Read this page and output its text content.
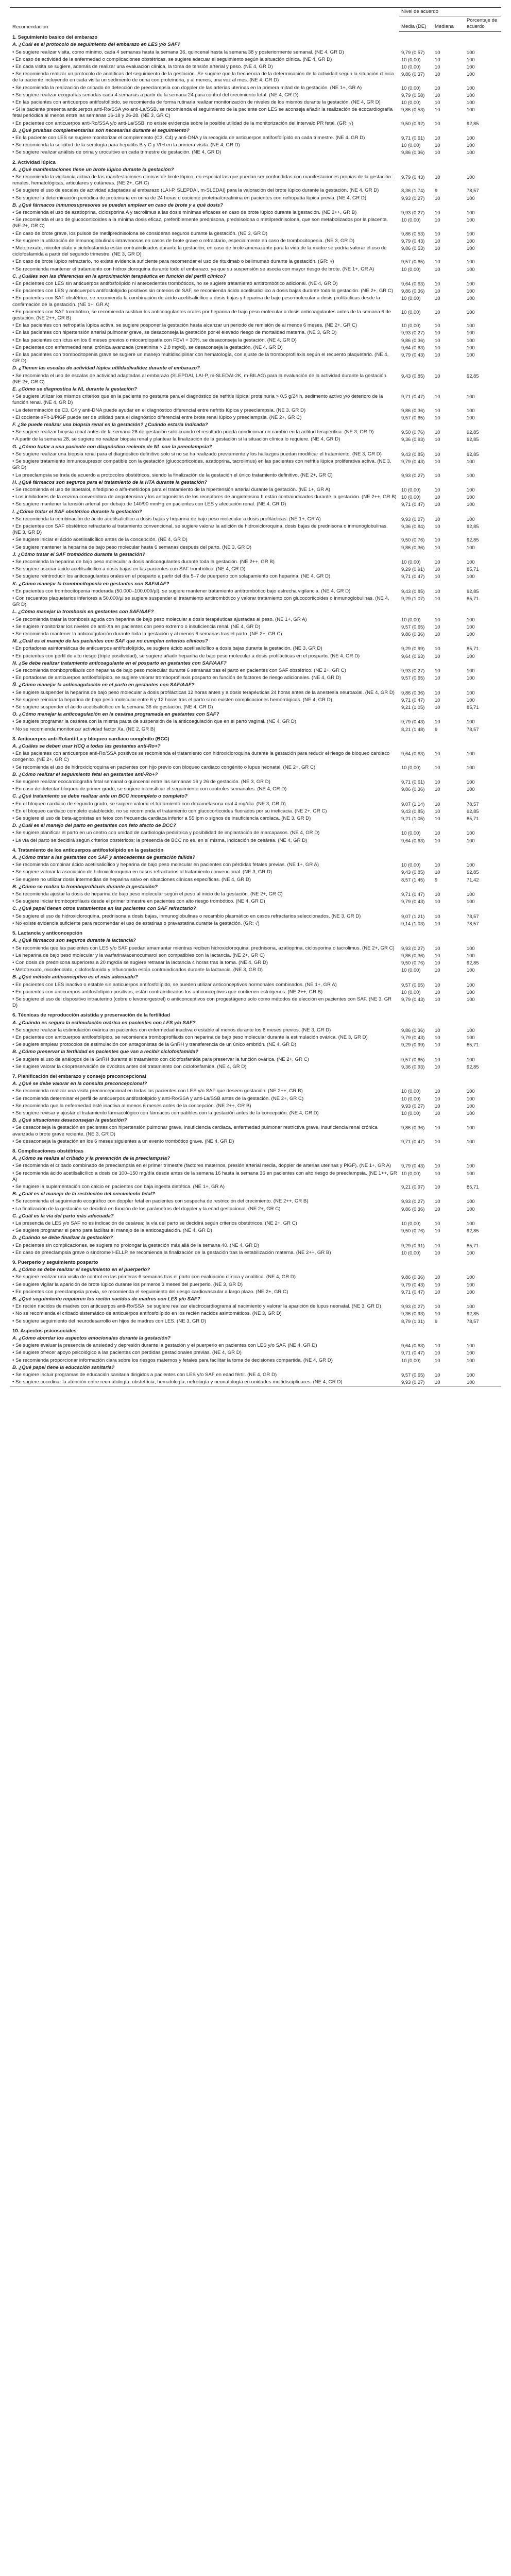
Recomendación	Nivel de acuerdo		
	Media (DE)	Mediana	Porcentaje de acuerdo
1. Seguimiento basico del embarazo			
A. ¿Cuál es el protocolo de seguimiento del embarazo en LES y/o SAF?			
• Se sugiere realizar visita, como mínimo, cada 4 semanas hasta la semana 36, quincenal hasta la semana 38 y posteriormente semanal. (NE 4, GR D)	9,79 (0,57)	10	100
• En caso de actividad de la enfermedad o complicaciones obstétricas, se sugiere adecuar el seguimiento según la situación clínica. (NE 4, GR D)	10 (0,00)	10	100
• En cada visita se sugiere, además de realizar una evaluación clínica, la toma de tensión arterial y peso. (NE 4, GR D)	10 (0,00)	10	100
• Se recomienda realizar un protocolo de analíticas del seguimiento de la gestación. Se sugiere que la frecuencia de la determinación de la actividad según la situación clínica de la paciente incluyendo en cada visita un sedimento de orina con proteinuria, y al menos, una vez al mes. (NE 4, GR D)	9,86 (0,37)	10	100
• Se recomienda la realización de cribado de detección de preeclampsia con doppler de las arterias uterinas en la primera mitad de la gestación. (NE 1+, GR A)	10 (0,00)	10	100
• Se sugiere realizar ecografías seriadas cada 4 semanas a partir de la semana 24 para control del crecimiento fetal. (NE 4, GR D)	9,79 (0,58)	10	100
• En las pacientes con anticuerpos antifosfolípido, se recomienda de forma rutinaria realizar monitorización de niveles de los mismos durante la gestación. (NE 4, GR D)	10 (0,00)	10	100
• Si la paciente presenta anticuerpos anti-Ro/SSA y/o anti-La/SSB, se recomienda el seguimiento de la paciente con LES se aconseja añadir la realización de ecocardiografía fetal periódica al menos entre las semanas 16-18 y 26-28. (NE 3, GR C)	9,86 (0,53)	10	100
• En pacientes con anticuerpos anti-Ro/SSA y/o anti-La/SSB, no existe evidencia sobre la posible utilidad de la monitorización del intervalo PR fetal. (GR: √)	9,50 (0,92)	10	92,85
B. ¿Qué pruebas complementarias son necesarias durante el seguimiento?			
• En la paciente con LES se sugiere monitorizar el complemento (C3, C4) y anti-DNA y la recogida de anticuerpos antifosfolípido en cada trimestre. (NE 4, GR D)	9,71 (0,61)	10	100
• Se recomienda la solicitud de la serología para hepatitis B y C y VIH en la primera visita. (NE 4, GR D)	10 (0,00)	10	100
• Se sugiere realizar análisis de orina y urocultivo en cada trimestre de gestación. (NE 4, GR D)	9,86 (0,36)	10	100
2. Actividad lúpica			
A. ¿Qué manifestaciones tiene un brote lúpico durante la gestación?			
• Se recomienda la vigilancia activa de las manifestaciones clínicas de brote lúpico, en especial las que puedan ser confundidas con manifestaciones propias de la gestación: renales, hematológicas, articulares y cutáneas. (NE 2+, GR C)	9,79 (0,43)	10	100
• Se sugiere el uso de escalas de actividad adaptadas al embarazo (LAI-P, SLEPDAI, m-SLEDAI) para la valoración del brote lúpico durante la gestación. (NE 4, GR D)	8,36 (1,74)	9	78,57
• Se sugiere la determinación periódica de proteinuria en orina de 24 horas o cociente proteína/creatinina en pacientes con nefropatía lúpica previa. (NE 4, GR D)	9,93 (0,27)	10	100
B. ¿Qué fármacos inmunosupresores se pueden emplear en caso de brote y a qué dosis?			
• Se recomienda el uso de azatioprina, ciclosporina A y tacrolimus a las dosis mínimas eficaces en caso de brote lúpico durante la gestación. (NE 2++, GR B)	9,93 (0,27)	10	100
• Se recomienda el uso de glucocorticoides a la mínima dosis eficaz, preferiblemente prednisona, prednisolona o metilprednisolona, que son metabolizados por la placenta. (NE 2+, GR C)	10 (0,00)	10	100
• En caso de brote grave, los pulsos de metilprednisolona se consideran seguros durante la gestación. (NE 3, GR D)	9,86 (0,53)	10	100
• Se sugiere la utilización de inmunoglobulinas intravenosas en casos de brote grave o refractario, especialmente en caso de trombocitopenia. (NE 3, GR D)	9,79 (0,43)	10	100
• Metotrexato, micofenolato y ciclofosfamida están contraindicados durante la gestación; en caso de brote amenazante para la vida de la madre se podría valorar el uso de ciclofosfamida a partir del segundo trimestre. (NE 3, GR D)	9,86 (0,53)	10	100
• En caso de brote lúpico refractario, no existe evidencia suficiente para recomendar el uso de rituximab o belimumab durante la gestación. (GR: √)	9,57 (0,65)	10	100
• Se recomienda mantener el tratamiento con hidroxicloroquina durante todo el embarazo, ya que su suspensión se asocia con mayor riesgo de brote. (NE 1+, GR A)	10 (0,00)	10	100
C. ¿Cuáles son las diferencias en la aproximación terapéutica en función del perfil clínico?			
• En pacientes con LES sin anticuerpos antifosfolípido ni antecedentes trombóticos, no se sugiere tratamiento antitrombótico adicional. (NE 4, GR D)	9,64 (0,63)	10	100
• En pacientes con LES y anticuerpos antifosfolípido positivos sin criterios de SAF, se recomienda ácido acetilsalicílico a dosis bajas durante toda la gestación. (NE 2+, GR C)	9,86 (0,36)	10	100
• En pacientes con SAF obstétrico, se recomienda la combinación de ácido acetilsalicílico a dosis bajas y heparina de bajo peso molecular a dosis profilácticas desde la confirmación de la gestación. (NE 1+, GR A)	10 (0,00)	10	100
• En pacientes con SAF trombótico, se recomienda sustituir los anticoagulantes orales por heparina de bajo peso molecular a dosis anticoagulantes antes de la semana 6 de gestación. (NE 2++, GR B)	10 (0,00)	10	100
• En las pacientes con nefropatía lúpica activa, se sugiere posponer la gestación hasta alcanzar un periodo de remisión de al menos 6 meses. (NE 2+, GR C)	10 (0,00)	10	100
• En las pacientes con hipertensión arterial pulmonar grave, se desaconseja la gestación por el elevado riesgo de mortalidad materna. (NE 3, GR D)	9,93 (0,27)	10	100
• En las pacientes con ictus en los 6 meses previos o miocardiopatía con FEVI < 30%, se desaconseja la gestación. (NE 4, GR D)	9,86 (0,36)	10	100
• En pacientes con enfermedad renal crónica avanzada (creatinina > 2,8 mg/dl), se desaconseja la gestación. (NE 4, GR D)	9,64 (0,63)	10	100
• En las pacientes con trombocitopenia grave se sugiere un manejo multidisciplinar con hematología, con ajuste de la tromboprofilaxis según el recuento plaquetario. (NE 4, GR D)	9,79 (0,43)	10	100
D. ¿Tienen las escalas de actividad lúpica utilidad/validez durante el embarazo?			
• Se recomienda el uso de escalas de actividad adaptadas al embarazo (SLEPDAI, LAI-P, m-SLEDAI-2K, m-BILAG) para la evaluación de la actividad durante la gestación. (NE 2+, GR C)	9,43 (0,85)	10	92,85
E. ¿Cómo se diagnostica la NL durante la gestación?			
• Se sugiere utilizar los mismos criterios que en la paciente no gestante para el diagnóstico de nefritis lúpica: proteinuria > 0,5 g/24 h, sedimento activo y/o deterioro de la función renal. (NE 4, GR D)	9,71 (0,47)	10	100
• La determinación de C3, C4 y anti-DNA puede ayudar en el diagnóstico diferencial entre nefritis lúpica y preeclampsia. (NE 3, GR D)	9,86 (0,36)	10	100
• El cociente sFlt-1/PlGF puede ser de utilidad para el diagnóstico diferencial entre brote renal lúpico y preeclampsia. (NE 2+, GR C)	9,57 (0,65)	10	100
F. ¿Se puede realizar una biopsia renal en la gestación? ¿Cuándo estaría indicada?			
• Se sugiere realizar biopsia renal antes de la semana 28 de gestación solo cuando el resultado pueda condicionar un cambio en la actitud terapéutica. (NE 3, GR D)	9,50 (0,76)	10	92,85
• A partir de la semana 28, se sugiere no realizar biopsia renal y plantear la finalización de la gestación si la situación clínica lo requiere. (NE 4, GR D)	9,36 (0,93)	10	92,85
G. ¿Cómo tratar a una paciente con diagnóstico reciente de NL con la preeclampsia?			
• Se sugiere realizar una biopsia renal para el diagnóstico definitivo solo si no se ha realizado previamente y los hallazgos puedan modificar el tratamiento. (NE 3, GR D)	9,43 (0,85)	10	92,85
• Se sugiere tratamiento inmunosupresor compatible con la gestación (glucocorticoides, azatioprina, tacrolimus) en las pacientes con nefritis lúpica proliferativa activa. (NE 3, GR D)	9,79 (0,43)	10	100
• La preeclampsia se trata de acuerdo a protocolos obstétricos, siendo la finalización de la gestación el único tratamiento definitivo. (NE 2+, GR C)	9,93 (0,27)	10	100
H. ¿Qué fármacos son seguros para el tratamiento de la HTA durante la gestación?			
• Se recomienda el uso de labetalol, nifedipino o alfa-metildopa para el tratamiento de la hipertensión arterial durante la gestación. (NE 1+, GR A)	10 (0,00)	10	100
• Los inhibidores de la enzima convertidora de angiotensina y los antagonistas de los receptores de angiotensina II están contraindicados durante la gestación. (NE 2++, GR B)	10 (0,00)	10	100
• Se sugiere mantener la tensión arterial por debajo de 140/90 mmHg en pacientes con LES y afectación renal. (NE 4, GR D)	9,71 (0,47)	10	100
I. ¿Cómo tratar el SAF obstétrico durante la gestación?			
• Se recomienda la combinación de ácido acetilsalicílico a dosis bajas y heparina de bajo peso molecular a dosis profilácticas. (NE 1+, GR A)	9,93 (0,27)	10	100
• En pacientes con SAF obstétrico refractario al tratamiento convencional, se sugiere valorar la adición de hidroxicloroquina, dosis bajas de prednisona o inmunoglobulinas. (NE 3, GR D)	9,36 (0,84)	10	92,85
• Se sugiere iniciar el ácido acetilsalicílico antes de la concepción. (NE 4, GR D)	9,50 (0,76)	10	92,85
• Se sugiere mantener la heparina de bajo peso molecular hasta 6 semanas después del parto. (NE 3, GR D)	9,86 (0,36)	10	100
J. ¿Cómo tratar el SAF trombótico durante la gestación?			
• Se recomienda la heparina de bajo peso molecular a dosis anticoagulantes durante toda la gestación. (NE 2++, GR B)	10 (0,00)	10	100
• Se sugiere asociar ácido acetilsalicílico a dosis bajas en las pacientes con SAF trombótico. (NE 4, GR D)	9,29 (0,91)	10	85,71
• Se sugiere reintroducir los anticoagulantes orales en el posparto a partir del día 5–7 de puerperio con solapamiento con heparina. (NE 4, GR D)	9,71 (0,47)	10	100
K. ¿Cómo manejar la trombocitopenia en gestantes con SAF/AAF?			
• En pacientes con trombocitopenia moderada (50.000–100.000/µl), se sugiere mantener tratamiento antitrombótico bajo estrecha vigilancia. (NE 4, GR D)	9,43 (0,85)	10	92,85
• Con recuentos plaquetarios inferiores a 50.000/µl se sugiere suspender el tratamiento antitrombótico y valorar tratamiento con glucocorticoides o inmunoglobulinas. (NE 4, GR D)	9,29 (1,07)	10	85,71
L. ¿Cómo manejar la trombosis en gestantes con SAF/AAF?			
• Se recomienda tratar la trombosis aguda con heparina de bajo peso molecular a dosis terapéuticas ajustadas al peso. (NE 1+, GR A)	10 (0,00)	10	100
• Se sugiere monitorizar los niveles de anti-Xa en pacientes con peso extremo o insuficiencia renal. (NE 4, GR D)	9,57 (0,65)	10	100
• Se recomienda mantener la anticoagulación durante toda la gestación y al menos 6 semanas tras el parto. (NE 2+, GR C)	9,86 (0,36)	10	100
M. ¿Cuál es el manejo de las pacientes con SAF que no cumplen criterios clínicos?			
• En portadoras asintomáticas de anticuerpos antifosfolípido, se sugiere ácido acetilsalicílico a dosis bajas durante la gestación. (NE 3, GR D)	9,29 (0,99)	10	85,71
• En pacientes con perfil de alto riesgo (triple positividad), se sugiere añadir heparina de bajo peso molecular a dosis profilácticas en el posparto. (NE 4, GR D)	9,64 (0,63)	10	100
N. ¿Se debe realizar tratamiento anticoagulante en el posparto en gestantes con SAF/AAF?			
• Se recomienda tromboprofilaxis con heparina de bajo peso molecular durante 6 semanas tras el parto en pacientes con SAF obstétrico. (NE 2+, GR C)	9,93 (0,27)	10	100
• En portadoras de anticuerpos antifosfolípido, se sugiere valorar tromboprofilaxis posparto en función de factores de riesgo adicionales. (NE 4, GR D)	9,57 (0,65)	10	100
Ñ. ¿Cómo manejar la anticoagulación en el parto en gestantes con SAF/AAF?			
• Se sugiere suspender la heparina de bajo peso molecular a dosis profilácticas 12 horas antes y a dosis terapéuticas 24 horas antes de la anestesia neuroaxial. (NE 4, GR D)	9,86 (0,36)	10	100
• Se sugiere reiniciar la heparina de bajo peso molecular entre 6 y 12 horas tras el parto si no existen complicaciones hemorrágicas. (NE 4, GR D)	9,71 (0,47)	10	100
• Se sugiere suspender el ácido acetilsalicílico en la semana 36 de gestación. (NE 4, GR D)	9,21 (1,05)	10	85,71
O. ¿Cómo manejar la anticoagulación en la cesárea programada en gestantes con SAF?			
• Se sugiere programar la cesárea con la misma pauta de suspensión de la anticoagulación que en el parto vaginal. (NE 4, GR D)	9,79 (0,43)	10	100
• No se recomienda monitorizar actividad factor Xa. (NE 2, GR B)	8,21 (1,48)	9	78,57
3. Anticuerpos anti-Ro/anti-La y bloqueo cardiaco congénito (BCC)			
A. ¿Cuáles se deben usar HCQ a todas las gestantes anti-Ro+?			
• En las pacientes con anticuerpos anti-Ro/SSA positivos se recomienda el tratamiento con hidroxicloroquina durante la gestación para reducir el riesgo de bloqueo cardiaco congénito. (NE 2+, GR C)	9,64 (0,63)	10	100
• Se recomienda el uso de hidroxicloroquina en pacientes con hijo previo con bloqueo cardiaco congénito o lupus neonatal. (NE 2+, GR C)	10 (0,00)	10	100
B. ¿Cómo realizar el seguimiento fetal en gestantes anti-Ro+?			
• Se sugiere realizar ecocardiografía fetal semanal o quincenal entre las semanas 16 y 26 de gestación. (NE 3, GR D)	9,71 (0,61)	10	100
• En caso de detectar bloqueo de primer grado, se sugiere intensificar el seguimiento con controles semanales. (NE 4, GR D)	9,86 (0,36)	10	100
C. ¿Qué tratamiento se debe realizar ante un BCC incompleto o completo?			
• En el bloqueo cardiaco de segundo grado, se sugiere valorar el tratamiento con dexametasona oral 4 mg/día. (NE 3, GR D)	9,07 (1,14)	10	78,57
• En el bloqueo cardiaco completo establecido, no se recomienda el tratamiento con glucocorticoides fluorados por su ineficacia. (NE 2+, GR C)	9,43 (0,85)	10	92,85
• Se sugiere el uso de beta-agonistas en fetos con frecuencia cardiaca inferior a 55 lpm o signos de insuficiencia cardiaca. (NE 3, GR D)	9,21 (1,05)	10	85,71
D. ¿Cuál es el manejo del parto en gestantes con feto afecto de BCC?			
• Se sugiere planificar el parto en un centro con unidad de cardiología pediátrica y posibilidad de implantación de marcapasos. (NE 4, GR D)	10 (0,00)	10	100
• La vía del parto se decidirá según criterios obstétricos; la presencia de BCC no es, en sí misma, indicación de cesárea. (NE 4, GR D)	9,64 (0,63)	10	100
4. Tratamiento de los anticuerpos antifosfolípido en la gestación			
A. ¿Cómo tratar a las gestantes con SAF y antecedentes de gestación fallida?			
• Se recomienda combinar ácido acetilsalicílico y heparina de bajo peso molecular en pacientes con pérdidas fetales previas. (NE 1+, GR A)	10 (0,00)	10	100
• Se sugiere valorar la asociación de hidroxicloroquina en casos refractarios al tratamiento convencional. (NE 3, GR D)	9,43 (0,85)	10	92,85
• Se sugiere no utilizar dosis intermedias de heparina salvo en situaciones clínicas específicas. (NE 4, GR D)	8,57 (1,45)	9	71,42
B. ¿Cómo se realiza la tromboprofilaxis durante la gestación?			
• Se recomienda ajustar la dosis de heparina de bajo peso molecular según el peso al inicio de la gestación. (NE 2+, GR C)	9,71 (0,47)	10	100
• Se sugiere iniciar tromboprofilaxis desde el primer trimestre en pacientes con alto riesgo trombótico. (NE 4, GR D)	9,79 (0,43)	10	100
C. ¿Qué papel tienen otros tratamientos en las pacientes con SAF refractario?			
• Se sugiere el uso de hidroxicloroquina, prednisona a dosis bajas, inmunoglobulinas o recambio plasmático en casos refractarios seleccionados. (NE 3, GR D)	9,07 (1,21)	10	78,57
• No existe evidencia suficiente para recomendar el uso de estatinas o pravastatina durante la gestación. (GR: √)	9,14 (1,03)	10	78,57
5. Lactancia y anticoncepción			
A. ¿Qué fármacos son seguros durante la lactancia?			
• Se recomienda que las pacientes con LES y/o SAF puedan amamantar mientras reciben hidroxicloroquina, prednisona, azatioprina, ciclosporina o tacrolimus. (NE 2+, GR C)	9,93 (0,27)	10	100
• La heparina de bajo peso molecular y la warfarina/acenocumarol son compatibles con la lactancia. (NE 2+, GR C)	9,86 (0,36)	10	100
• Con dosis de prednisona superiores a 20 mg/día se sugiere retrasar la lactancia 4 horas tras la toma. (NE 4, GR D)	9,50 (0,76)	10	92,85
• Metotrexato, micofenolato, ciclofosfamida y leflunomida están contraindicados durante la lactancia. (NE 3, GR D)	10 (0,00)	10	100
B. ¿Qué método anticonceptivo es el más adecuado?			
• En pacientes con LES inactivo o estable sin anticuerpos antifosfolípido, se pueden utilizar anticonceptivos hormonales combinados. (NE 1+, GR A)	9,57 (0,65)	10	100
• En pacientes con anticuerpos antifosfolípido positivos, están contraindicados los anticonceptivos que contienen estrógenos. (NE 2++, GR B)	10 (0,00)	10	100
• Se sugiere el uso del dispositivo intrauterino (cobre o levonorgestrel) o anticonceptivos con progestágeno solo como métodos de elección en pacientes con SAF. (NE 3, GR D)	9,79 (0,43)	10	100
6. Técnicas de reproducción asistida y preservación de la fertilidad			
A. ¿Cuándo es segura la estimulación ovárica en pacientes con LES y/o SAF?			
• Se sugiere realizar la estimulación ovárica en pacientes con enfermedad inactiva o estable al menos durante los 6 meses previos. (NE 3, GR D)	9,86 (0,36)	10	100
• En pacientes con anticuerpos antifosfolípido, se recomienda tromboprofilaxis con heparina de bajo peso molecular durante la estimulación ovárica. (NE 3, GR D)	9,79 (0,43)	10	100
• Se sugiere emplear protocolos de estimulación con antagonistas de la GnRH y transferencia de un único embrión. (NE 4, GR D)	9,29 (0,99)	10	85,71
B. ¿Cómo preservar la fertilidad en pacientes que van a recibir ciclofosfamida?			
• Se sugiere el uso de análogos de la GnRH durante el tratamiento con ciclofosfamida para preservar la función ovárica. (NE 2+, GR C)	9,57 (0,65)	10	100
• Se sugiere valorar la criopreservación de ovocitos antes del tratamiento con ciclofosfamida. (NE 4, GR D)	9,36 (0,93)	10	92,85
7. Planificación del embarazo y consejo preconcepcional			
A. ¿Qué se debe valorar en la consulta preconcepcional?			
• Se recomienda realizar una visita preconcepcional en todas las pacientes con LES y/o SAF que deseen gestación. (NE 2++, GR B)	10 (0,00)	10	100
• Se recomienda determinar el perfil de anticuerpos antifosfolípido y anti-Ro/SSA y anti-La/SSB antes de la gestación. (NE 2+, GR C)	10 (0,00)	10	100
• Se recomienda que la enfermedad esté inactiva al menos 6 meses antes de la concepción. (NE 2++, GR B)	9,93 (0,27)	10	100
• Se sugiere revisar y ajustar el tratamiento farmacológico con fármacos compatibles con la gestación antes de la concepción. (NE 4, GR D)	10 (0,00)	10	100
B. ¿Qué situaciones desaconsejan la gestación?			
• Se desaconseja la gestación en pacientes con hipertensión pulmonar grave, insuficiencia cardiaca, enfermedad pulmonar restrictiva grave, insuficiencia renal crónica avanzada o brote grave reciente. (NE 3, GR D)	9,86 (0,36)	10	100
• Se desaconseja la gestación en los 6 meses siguientes a un evento trombótico grave. (NE 4, GR D)	9,71 (0,47)	10	100
8. Complicaciones obstétricas			
A. ¿Cómo se realiza el cribado y la prevención de la preeclampsia?			
• Se recomienda el cribado combinado de preeclampsia en el primer trimestre (factores maternos, presión arterial media, doppler de arterias uterinas y PlGF). (NE 1+, GR A)	9,79 (0,43)	10	100
• Se recomienda ácido acetilsalicílico a dosis de 100–150 mg/día desde antes de la semana 16 hasta la semana 36 en pacientes con alto riesgo de preeclampsia. (NE 1++, GR A)	10 (0,00)	10	100
• Se sugiere la suplementación con calcio en pacientes con baja ingesta dietética. (NE 1+, GR A)	9,21 (0,97)	10	85,71
B. ¿Cuál es el manejo de la restricción del crecimiento fetal?			
• Se recomienda el seguimiento ecográfico con doppler fetal en pacientes con sospecha de restricción del crecimiento. (NE 2++, GR B)	9,93 (0,27)	10	100
• La finalización de la gestación se decidirá en función de los parámetros del doppler y la edad gestacional. (NE 2+, GR C)	9,86 (0,36)	10	100
C. ¿Cuál es la vía del parto más adecuada?			
• La presencia de LES y/o SAF no es indicación de cesárea; la vía del parto se decidirá según criterios obstétricos. (NE 2+, GR C)	10 (0,00)	10	100
• Se sugiere programar el parto para facilitar el manejo de la anticoagulación. (NE 4, GR D)	9,50 (0,76)	10	92,85
D. ¿Cuándo se debe finalizar la gestación?			
• En pacientes sin complicaciones, se sugiere no prolongar la gestación más allá de la semana 40. (NE 4, GR D)	9,29 (0,91)	10	85,71
• En caso de preeclampsia grave o síndrome HELLP, se recomienda la finalización de la gestación tras la estabilización materna. (NE 2++, GR B)	10 (0,00)	10	100
9. Puerperio y seguimiento posparto			
A. ¿Cómo se debe realizar el seguimiento en el puerperio?			
• Se sugiere realizar una visita de control en las primeras 6 semanas tras el parto con evaluación clínica y analítica. (NE 4, GR D)	9,86 (0,36)	10	100
• Se sugiere vigilar la aparición de brote lúpico durante los primeros 3 meses del puerperio. (NE 3, GR D)	9,79 (0,43)	10	100
• En pacientes con preeclampsia previa, se recomienda el seguimiento del riesgo cardiovascular a largo plazo. (NE 2+, GR C)	9,71 (0,47)	10	100
B. ¿Qué seguimiento requieren los recién nacidos de madres con LES y/o SAF?			
• En recién nacidos de madres con anticuerpos anti-Ro/SSA, se sugiere realizar electrocardiograma al nacimiento y valorar la aparición de lupus neonatal. (NE 3, GR D)	9,93 (0,27)	10	100
• No se recomienda el cribado sistemático de anticuerpos antifosfolípido en los recién nacidos asintomáticos. (NE 3, GR D)	9,36 (0,93)	10	92,85
• Se sugiere seguimiento del neurodesarrollo en hijos de madres con LES. (NE 3, GR D)	8,79 (1,31)	9	78,57
10. Aspectos psicosociales			
A. ¿Cómo abordar los aspectos emocionales durante la gestación?			
• Se sugiere evaluar la presencia de ansiedad y depresión durante la gestación y el puerperio en pacientes con LES y/o SAF. (NE 4, GR D)	9,64 (0,63)	10	100
• Se sugiere ofrecer apoyo psicológico a las pacientes con pérdidas gestacionales previas. (NE 4, GR D)	9,71 (0,47)	10	100
• Se recomienda proporcionar información clara sobre los riesgos maternos y fetales para facilitar la toma de decisiones compartida. (NE 4, GR D)	10 (0,00)	10	100
B. ¿Qué papel tiene la educación sanitaria?			
• Se sugiere incluir programas de educación sanitaria dirigidos a pacientes con LES y/o SAF en edad fértil. (NE 4, GR D)	9,57 (0,65)	10	100
• Se sugiere coordinar la atención entre reumatología, obstetricia, hematología, nefrología y neonatología en unidades multidisciplinares. (NE 4, GR D)	9,93 (0,27)	10	100
